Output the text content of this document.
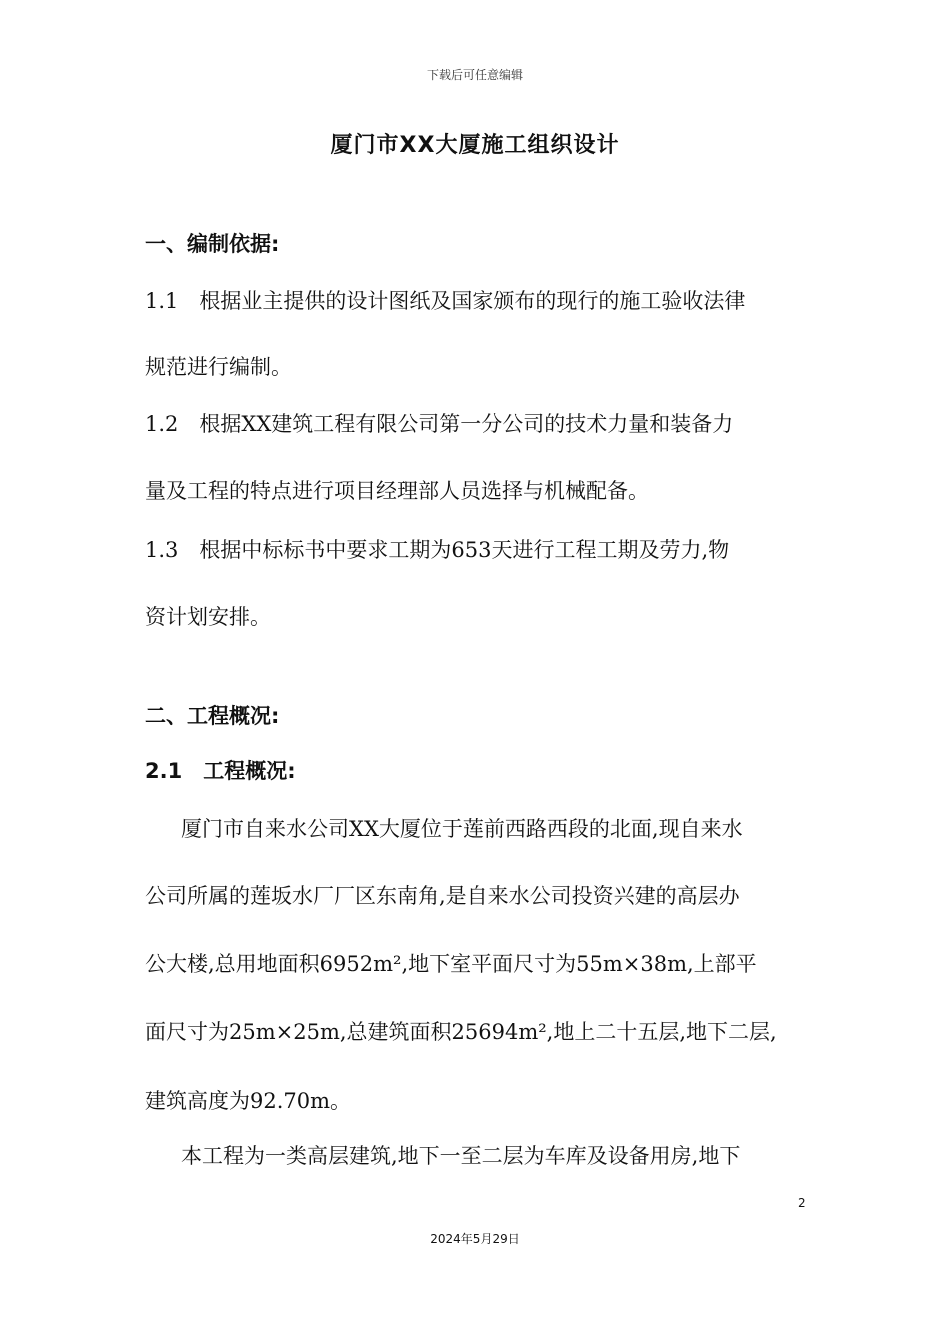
下载后可任意编辑
厦门市XX大厦施工组织设计
一、编制依据:
1.1　根据业主提供的设计图纸及国家颁布的现行的施工验收法律
规范进行编制。
1.2　根据XX建筑工程有限公司第一分公司的技术力量和装备力
量及工程的特点进行项目经理部人员选择与机械配备。
1.3　根据中标标书中要求工期为653天进行工程工期及劳力,物
资计划安排。
二、工程概况:
2.1　工程概况:
厦门市自来水公司XX大厦位于莲前西路西段的北面,现自来水
公司所属的莲坂水厂厂区东南角,是自来水公司投资兴建的高层办
公大楼,总用地面积6952m²,地下室平面尺寸为55m×38m,上部平
面尺寸为25m×25m,总建筑面积25694m²,地上二十五层,地下二层,
建筑高度为92.70m。
本工程为一类高层建筑,地下一至二层为车库及设备用房,地下
2
2024年5月29日
